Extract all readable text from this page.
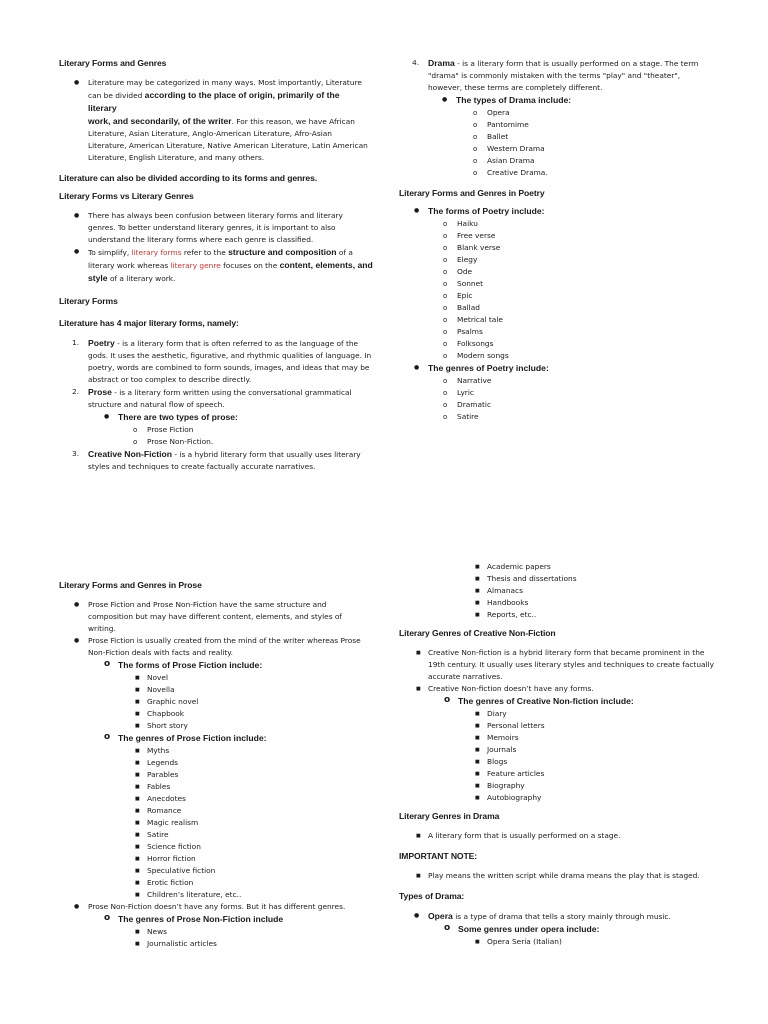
Literary Forms and Genres
● Literature may be categorized in many ways. Most importantly, Literature

can be divided according to the place of origin, primarily of the literary

work, and secondarily, of the writer. For this reason, we have African

Literature, Asian Literature, Anglo-American Literature, Afro-Asian

Literature, American Literature, Native American Literature, Latin American

Literature, English Literature, and many others.

Literature can also be divided according to its forms and genres.
Literary Forms vs Literary Genres
● There has always been confusion between literary forms and literary

genres. To better understand literary genres, it is important to also

understand the literary forms where each genre is classified.

● To simplify, literary forms refer to the structure and composition of a

literary work whereas literary genre focuses on the content, elements, and

style of a literary work.

Literary Forms
Literature has 4 major literary forms, namely:
1. Poetry - is a literary form that is often referred to as the language of the

gods. It uses the aesthetic, figurative, and rhythmic qualities of language. In

poetry, words are combined to form sounds, images, and ideas that may be

abstract or too complex to describe directly.

2. Prose - is a literary form written using the conversational grammatical

structure and natural flow of speech.

● There are two types of prose:
o Prose Fiction
o Prose Non-Fiction.
3. Creative Non-Fiction - is a hybrid literary form that usually uses literary

styles and techniques to create factually accurate narratives.

4. Drama - is a literary form that is usually performed on a stage. The term

"drama" is commonly mistaken with the terms "play" and "theater",

however, these terms are completely different.

● The types of Drama include:
o Opera
o Pantomime
o Ballet
o Western Drama
o Asian Drama
o Creative Drama.
Literary Forms and Genres in Poetry
● The forms of Poetry include:
o Haiku
o Free verse
o Blank verse
o Elegy
o Ode
o Sonnet
o Epic
o Ballad
o Metrical tale
o Psalms
o Folksongs
o Modern songs
● The genres of Poetry include:
o Narrative
o Lyric
o Dramatic
o Satire
Literary Forms and Genres in Prose
● Prose Fiction and Prose Non-Fiction have the same structure and

composition but may have different content, elements, and styles of

writing.

● Prose Fiction is usually created from the mind of the writer whereas Prose

Non-Fiction deals with facts and reality.

o The forms of Prose Fiction include:
■ Novel
■ Novella
■ Graphic novel
■ Chapbook
■ Short story
o The genres of Prose Fiction include:
■ Myths
■ Legends
■ Parables
■ Fables
■ Anecdotes
■ Romance
■ Magic realism
■ Satire
■ Science fiction
■ Horror fiction
■ Speculative fiction
■ Erotic fiction
■ Children’s literature, etc..
● Prose Non-Fiction doesn’t have any forms. But it has different genres.
o The genres of Prose Non-Fiction include
■ News
■ Journalistic articles
■ Academic papers
■ Thesis and dissertations
■ Almanacs
■ Handbooks
■ Reports, etc..
Literary Genres of Creative Non-Fiction
■ Creative Non-fiction is a hybrid literary form that became prominent in the

19th century. It usually uses literary styles and techniques to create factually

accurate narratives.

■ Creative Non-fiction doesn’t have any forms.
o The genres of Creative Non-fiction include:
■ Diary
■ Personal letters
■ Memoirs
■ Journals
■ Blogs
■ Feature articles
■ Biography
■ Autobiography
Literary Genres in Drama
■ A literary form that is usually performed on a stage.
IMPORTANT NOTE:
■ Play means the written script while drama means the play that is staged.
Types of Drama:
● Opera is a type of drama that tells a story mainly through music.
o Some genres under opera include:
■ Opera Seria (Italian)
